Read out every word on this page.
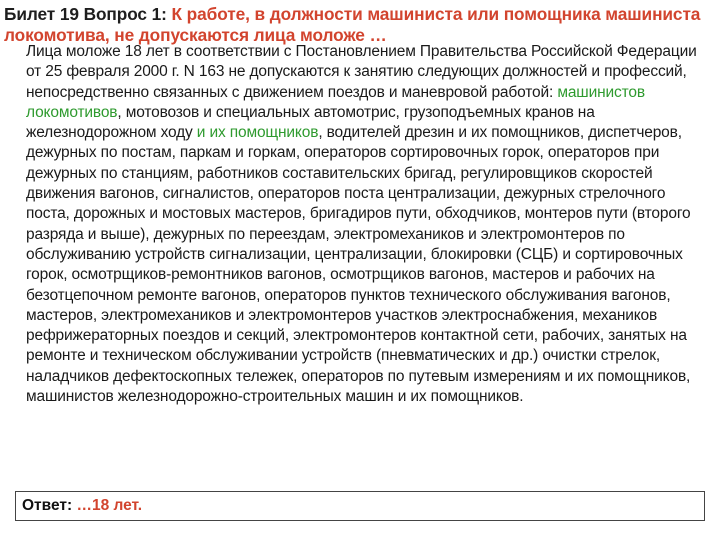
Билет 19 Вопрос 1: К работе, в должности машиниста или помощника машиниста локомотива, не допускаются лица моложе …
Лица моложе 18 лет в соответствии с Постановлением Правительства Российской Федерации от 25 февраля 2000 г. N 163 не допускаются к занятию следующих должностей и профессий, непосредственно связанных с движением поездов и маневровой работой: машинистов локомотивов, мотовозов и специальных автомотрис, грузоподъемных кранов на железнодорожном ходу и их помощников, водителей дрезин и их помощников, диспетчеров, дежурных по постам, паркам и горкам, операторов сортировочных горок, операторов при дежурных по станциям, работников составительских бригад, регулировщиков скоростей движения вагонов, сигналистов, операторов поста централизации, дежурных стрелочного поста, дорожных и мостовых мастеров, бригадиров пути, обходчиков, монтеров пути (второго разряда и выше), дежурных по переездам, электромехаников и электромонтеров по обслуживанию устройств сигнализации, централизации, блокировки (СЦБ) и сортировочных горок, осмотрщиков-ремонтников вагонов, осмотрщиков вагонов, мастеров и рабочих на безотцепочном ремонте вагонов, операторов пунктов технического обслуживания вагонов, мастеров, электромехаников и электромонтеров участков электроснабжения, механиков рефрижераторных поездов и секций, электромонтеров контактной сети, рабочих, занятых на ремонте и техническом обслуживании устройств (пневматических и др.) очистки стрелок, наладчиков дефектоскопных тележек, операторов по путевым измерениям и их помощников, машинистов железнодорожно-строительных машин и их помощников.
Ответ: …18 лет.
